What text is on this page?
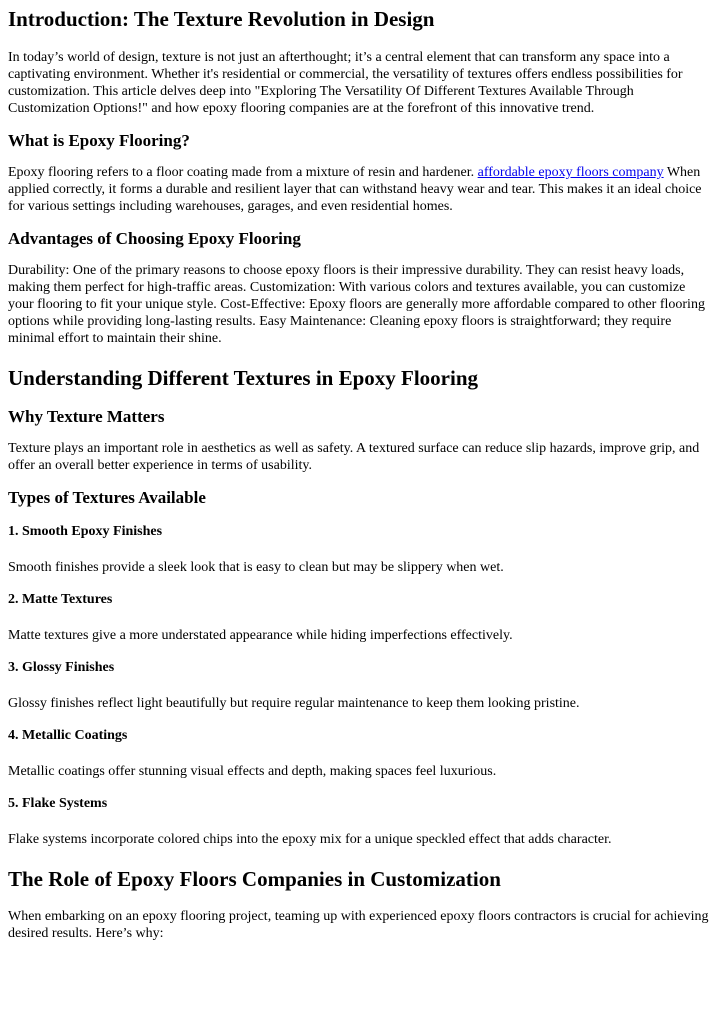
Introduction: The Texture Revolution in Design

In today’s world of design, texture is not just an afterthought; it’s a central element that can transform any space into a captivating environment. Whether it's residential or commercial, the versatility of textures offers endless possibilities for customization. This article delves deep into "Exploring The Versatility Of Different Textures Available Through Customization Options!" and how epoxy flooring companies are at the forefront of this innovative trend.

What is Epoxy Flooring?

Epoxy flooring refers to a floor coating made from a mixture of resin and hardener. affordable epoxy floors company When applied correctly, it forms a durable and resilient layer that can withstand heavy wear and tear. This makes it an ideal choice for various settings including warehouses, garages, and even residential homes.

Advantages of Choosing Epoxy Flooring

Durability: One of the primary reasons to choose epoxy floors is their impressive durability. They can resist heavy loads, making them perfect for high-traffic areas. Customization: With various colors and textures available, you can customize your flooring to fit your unique style. Cost-Effective: Epoxy floors are generally more affordable compared to other flooring options while providing long-lasting results. Easy Maintenance: Cleaning epoxy floors is straightforward; they require minimal effort to maintain their shine.

Understanding Different Textures in Epoxy Flooring
Why Texture Matters

Texture plays an important role in aesthetics as well as safety. A textured surface can reduce slip hazards, improve grip, and offer an overall better experience in terms of usability.

Types of Textures Available
1. Smooth Epoxy Finishes

Smooth finishes provide a sleek look that is easy to clean but may be slippery when wet.

2. Matte Textures

Matte textures give a more understated appearance while hiding imperfections effectively.

3. Glossy Finishes

Glossy finishes reflect light beautifully but require regular maintenance to keep them looking pristine.

4. Metallic Coatings

Metallic coatings offer stunning visual effects and depth, making spaces feel luxurious.

5. Flake Systems

Flake systems incorporate colored chips into the epoxy mix for a unique speckled effect that adds character.

The Role of Epoxy Floors Companies in Customization

When embarking on an epoxy flooring project, teaming up with experienced epoxy floors contractors is crucial for achieving desired results. Here’s why:
